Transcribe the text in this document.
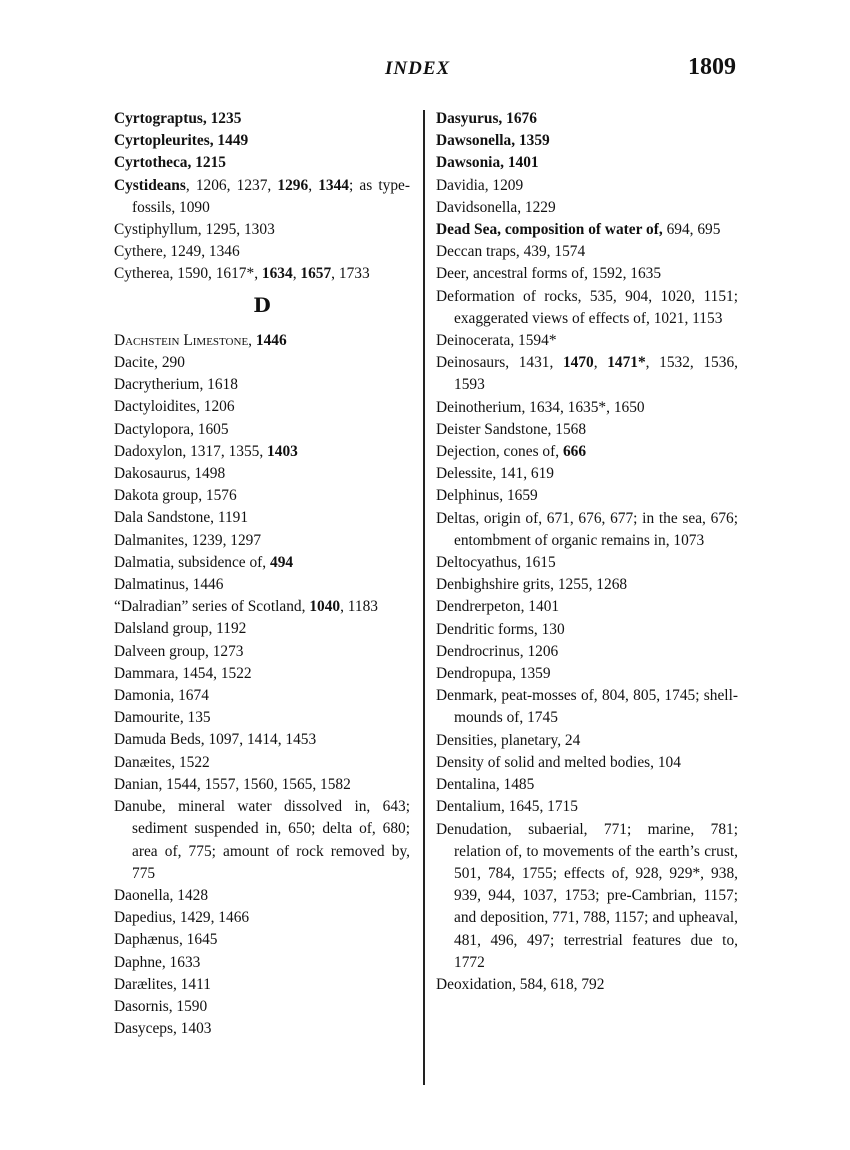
INDEX	1809

Cyrtograptus, 1235

Cyrtopleurites, 1449

Cyrtotheca, 1215

Cystideans, 1206, 1237, 1296, 1344; as type-fossils, 1090

Cystiphyllum, 1295, 1303

Cythere, 1249, 1346

Cytherea, 1590, 1617*, 1634, 1657, 1733

D

Dachstein Limestone, 1446

Dacite, 290

Dacrytherium, 1618

Dactyloidites, 1206

Dactylopora, 1605

Dadoxylon, 1317, 1355, 1403

Dakosaurus, 1498

Dakota group, 1576

Dala Sandstone, 1191

Dalmanites, 1239, 1297

Dalmatia, subsidence of, 494

Dalmatinus, 1446

“Dalradian” series of Scotland, 1040, 1183

Dalsland group, 1192

Dalveen group, 1273

Dammara, 1454, 1522

Damonia, 1674

Damourite, 135

Damuda Beds, 1097, 1414, 1453

Danæites, 1522

Danian, 1544, 1557, 1560, 1565, 1582

Danube, mineral water dissolved in, 643; sediment suspended in, 650; delta of, 680; area of, 775; amount of rock removed by, 775

Daonella, 1428

Dapedius, 1429, 1466

Daphænus, 1645

Daphne, 1633

Darælites, 1411

Dasornis, 1590

Dasyceps, 1403

Dasyurus, 1676

Dawsonella, 1359

Dawsonia, 1401

Davidia, 1209

Davidsonella, 1229

Dead Sea, composition of water of, 694, 695

Deccan traps, 439, 1574

Deer, ancestral forms of, 1592, 1635

Deformation of rocks, 535, 904, 1020, 1151; exaggerated views of effects of, 1021, 1153

Deinocerata, 1594*

Deinosaurs, 1431, 1470, 1471*, 1532, 1536, 1593

Deinotherium, 1634, 1635*, 1650

Deister Sandstone, 1568

Dejection, cones of, 666

Delessite, 141, 619

Delphinus, 1659

Deltas, origin of, 671, 676, 677; in the sea, 676; entombment of organic remains in, 1073

Deltocyathus, 1615

Denbighshire grits, 1255, 1268

Dendrerpeton, 1401

Dendritic forms, 130

Dendrocrinus, 1206

Dendropupa, 1359

Denmark, peat-mosses of, 804, 805, 1745; shell-mounds of, 1745

Densities, planetary, 24

Density of solid and melted bodies, 104

Dentalina, 1485

Dentalium, 1645, 1715

Denudation, subaerial, 771; marine, 781; relation of, to movements of the earth’s crust, 501, 784, 1755; effects of, 928, 929*, 938, 939, 944, 1037, 1753; pre-Cambrian, 1157; and deposition, 771, 788, 1157; and upheaval, 481, 496, 497; terrestrial features due to, 1772

Deoxidation, 584, 618, 792
